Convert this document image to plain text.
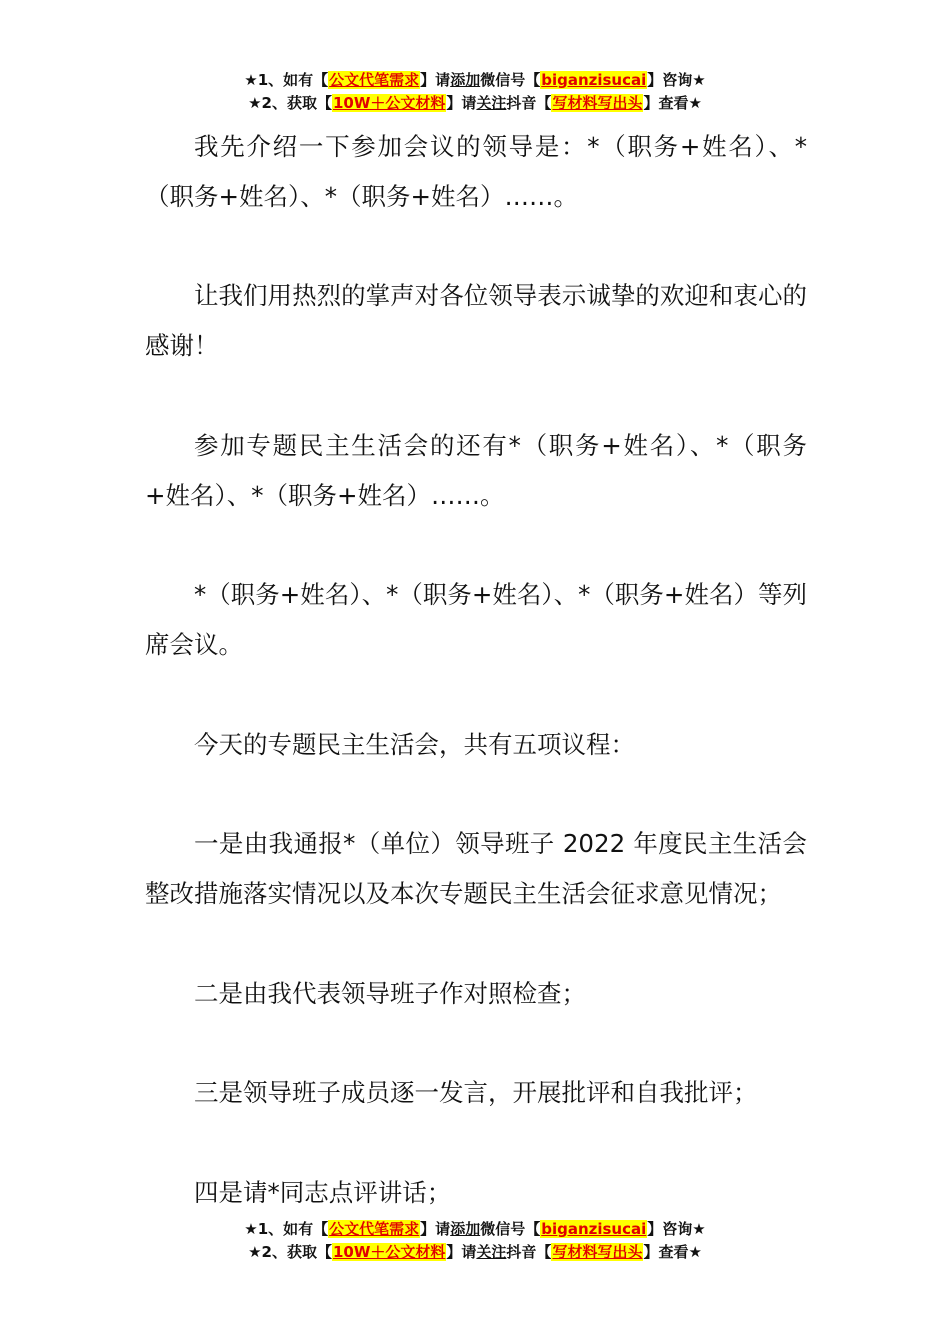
★1、如有【公文代笔需求】请添加微信号【biganzisucai】咨询★
★2、获取【10W＋公文材料】请关注抖音【写材料写出头】查看★

我先介绍一下参加会议的领导是：*（职务+姓名）、*（职务+姓名）、*（职务+姓名）……。

让我们用热烈的掌声对各位领导表示诚挚的欢迎和衷心的感谢！

参加专题民主生活会的还有*（职务+姓名）、*（职务+姓名）、*（职务+姓名）……。

*（职务+姓名）、*（职务+姓名）、*（职务+姓名）等列席会议。

今天的专题民主生活会，共有五项议程：

一是由我通报*（单位）领导班子 2022 年度民主生活会整改措施落实情况以及本次专题民主生活会征求意见情况；

二是由我代表领导班子作对照检查；

三是领导班子成员逐一发言，开展批评和自我批评；

四是请*同志点评讲话；

★1、如有【公文代笔需求】请添加微信号【biganzisucai】咨询★
★2、获取【10W＋公文材料】请关注抖音【写材料写出头】查看★
